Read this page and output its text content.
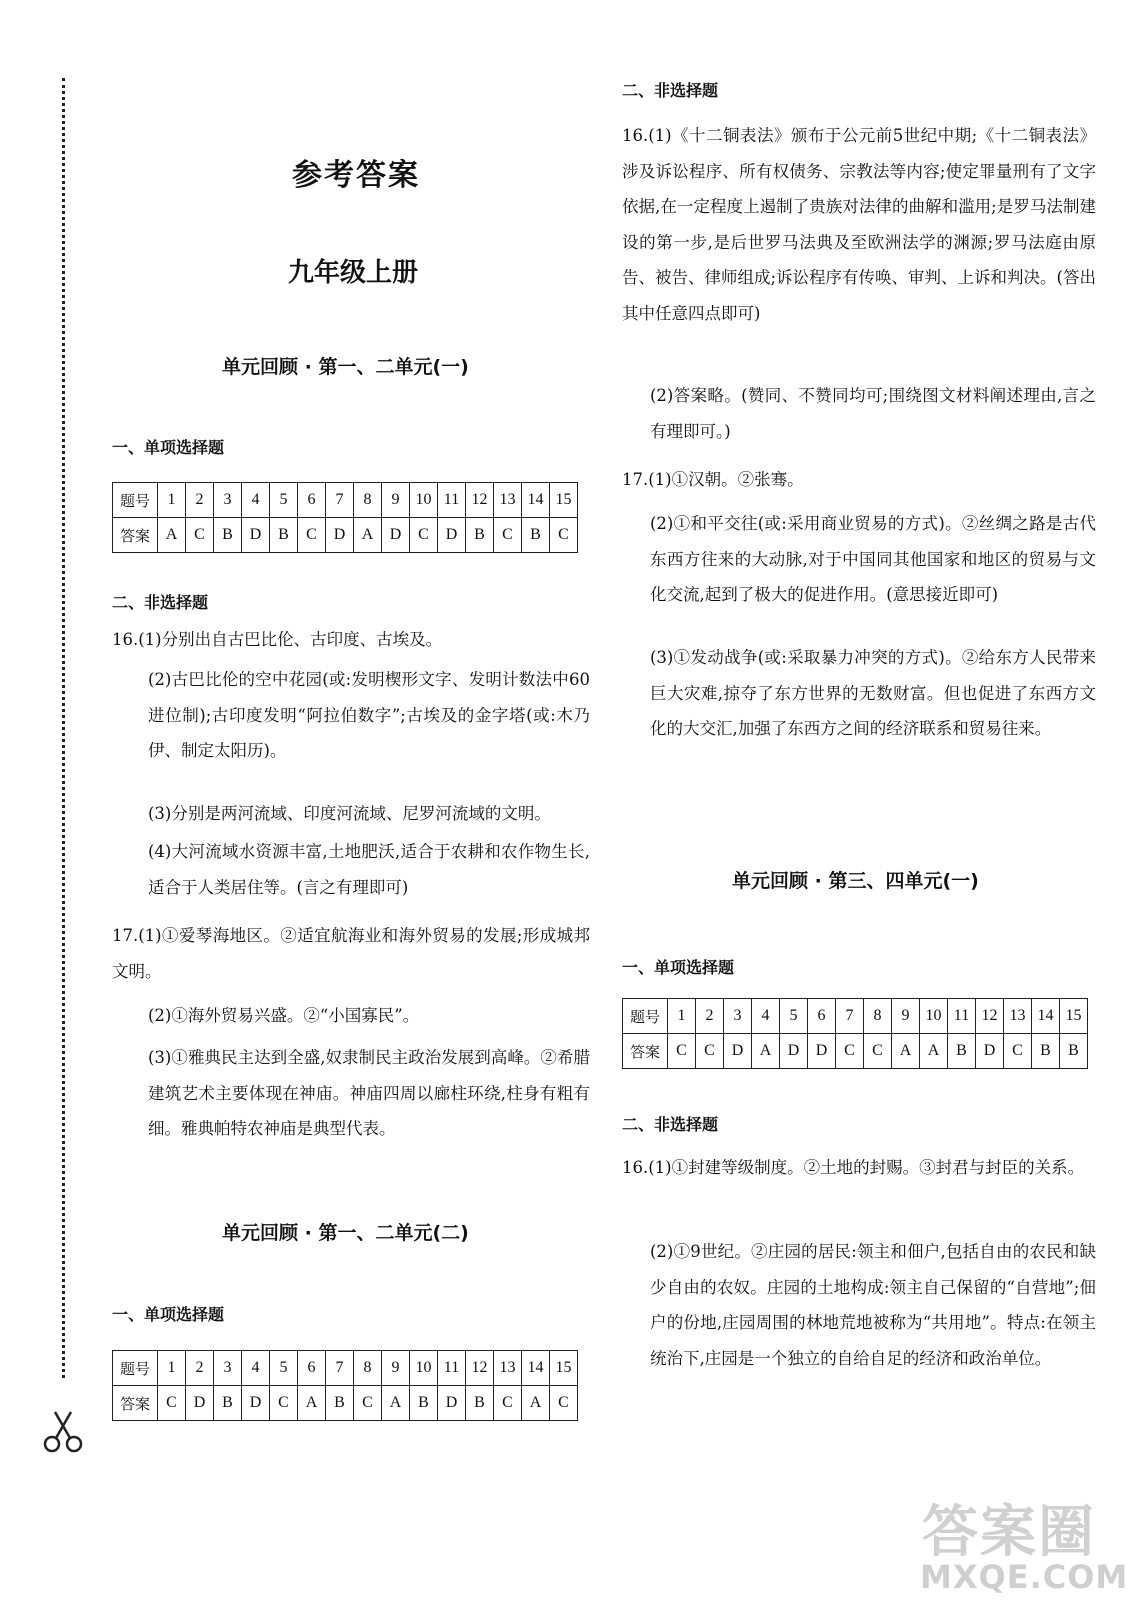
参考答案
九年级上册
单元回顾 · 第一、二单元(一)
一、单项选择题
题号	1	2	3	4	5	6	7	8	9	10	11	12	13	14	15
答案	A	C	B	D	B	C	D	A	D	C	D	B	C	B	C
二、非选择题
16.(1)分别出自古巴比伦、古印度、古埃及。
(2)古巴比伦的空中花园(或:发明楔形文字、发明计数法中60进位制);古印度发明“阿拉伯数字”;古埃及的金字塔(或:木乃伊、制定太阳历)。
(3)分别是两河流域、印度河流域、尼罗河流域的文明。
(4)大河流域水资源丰富,土地肥沃,适合于农耕和农作物生长,适合于人类居住等。(言之有理即可)
17.(1)①爱琴海地区。②适宜航海业和海外贸易的发展;形成城邦文明。
(2)①海外贸易兴盛。②“小国寡民”。
(3)①雅典民主达到全盛,奴隶制民主政治发展到高峰。②希腊建筑艺术主要体现在神庙。神庙四周以廊柱环绕,柱身有粗有细。雅典帕特农神庙是典型代表。
单元回顾 · 第一、二单元(二)
一、单项选择题
题号	1	2	3	4	5	6	7	8	9	10	11	12	13	14	15
答案	C	D	B	D	C	A	B	C	A	B	D	B	C	A	C
二、非选择题
16.(1)《十二铜表法》颁布于公元前5世纪中期;《十二铜表法》涉及诉讼程序、所有权债务、宗教法等内容;使定罪量刑有了文字依据,在一定程度上遏制了贵族对法律的曲解和滥用;是罗马法制建设的第一步,是后世罗马法典及至欧洲法学的渊源;罗马法庭由原告、被告、律师组成;诉讼程序有传唤、审判、上诉和判决。(答出其中任意四点即可)
(2)答案略。(赞同、不赞同均可;围绕图文材料阐述理由,言之有理即可。)
17.(1)①汉朝。②张骞。
(2)①和平交往(或:采用商业贸易的方式)。②丝绸之路是古代东西方往来的大动脉,对于中国同其他国家和地区的贸易与文化交流,起到了极大的促进作用。(意思接近即可)
(3)①发动战争(或:采取暴力冲突的方式)。②给东方人民带来巨大灾难,掠夺了东方世界的无数财富。但也促进了东西方文化的大交汇,加强了东西方之间的经济联系和贸易往来。
单元回顾 · 第三、四单元(一)
一、单项选择题
题号	1	2	3	4	5	6	7	8	9	10	11	12	13	14	15
答案	C	C	D	A	D	D	C	C	A	A	B	D	C	B	B
二、非选择题
16.(1)①封建等级制度。②土地的封赐。③封君与封臣的关系。
(2)①9世纪。②庄园的居民:领主和佃户,包括自由的农民和缺少自由的农奴。庄园的土地构成:领主自己保留的“自营地”;佃户的份地,庄园周围的林地荒地被称为“共用地”。特点:在领主统治下,庄园是一个独立的自给自足的经济和政治单位。
答案圈
MXQE.COM
